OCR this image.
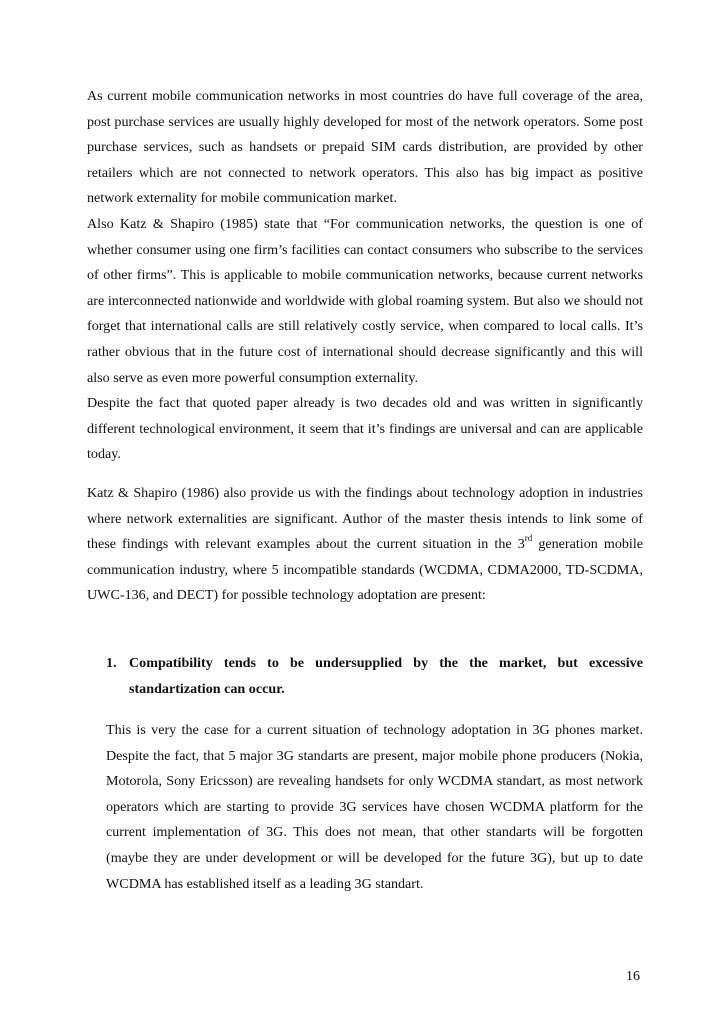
As current mobile communication networks in most countries do have full coverage of the area, post purchase services are usually highly developed for most of the network operators. Some post purchase services, such as handsets or prepaid SIM cards distribution, are provided by other retailers which are not connected to network operators. This also has big impact as positive network externality for mobile communication market.

Also Katz & Shapiro (1985) state that “For communication networks, the question is one of whether consumer using one firm’s facilities can contact consumers who subscribe to the services of other firms”. This is applicable to mobile communication networks, because current networks are interconnected nationwide and worldwide with global roaming system. But also we should not forget that international calls are still relatively costly service, when compared to local calls. It’s rather obvious that in the future cost of international should decrease significantly and this will also serve as even more powerful consumption externality.

Despite the fact that quoted paper already is two decades old and was written in significantly different technological environment, it seem that it’s findings are universal and can are applicable today.

Katz & Shapiro (1986) also provide us with the findings about technology adoption in industries where network externalities are significant. Author of the master thesis intends to link some of these findings with relevant examples about the current situation in the 3rd generation mobile communication industry, where 5 incompatible standards (WCDMA, CDMA2000, TD-SCDMA, UWC-136, and DECT) for possible technology adoptation are present:

1. Compatibility tends to be undersupplied by the the market, but excessive standartization can occur.

This is very the case for a current situation of technology adoptation in 3G phones market. Despite the fact, that 5 major 3G standarts are present, major mobile phone producers (Nokia, Motorola, Sony Ericsson) are revealing handsets for only WCDMA standart, as most network operators which are starting to provide 3G services have chosen WCDMA platform for the current implementation of 3G. This does not mean, that other standarts will be forgotten (maybe they are under development or will be developed for the future 3G), but up to date WCDMA has established itself as a leading 3G standart.

16
